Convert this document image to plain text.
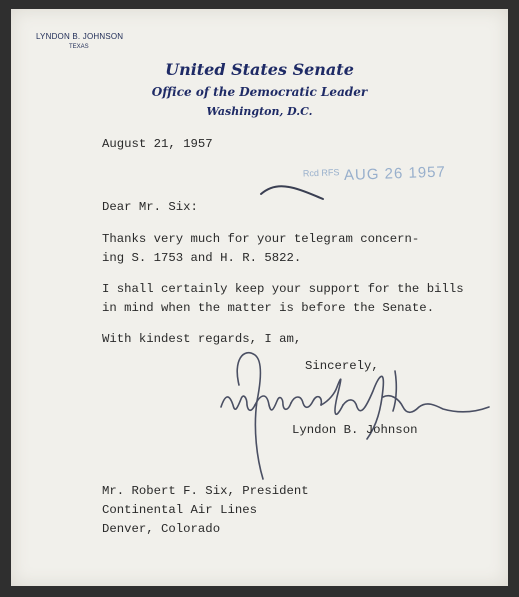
LYNDON B. JOHNSON
TEXAS
United States Senate
Office of the Democratic Leader
Washington, D.C.
August 21, 1957
$^{Rcd RFS}$ AUG 26 1957
Dear Mr. Six:
Thanks very much for your telegram concern-
ing S. 1753 and H. R. 5822.
I shall certainly keep your support for the bills
in mind when the matter is before the Senate.
With kindest regards, I am,
Sincerely,
Lyndon B. Johnson
Mr. Robert F. Six, President
Continental Air Lines
Denver, Colorado
